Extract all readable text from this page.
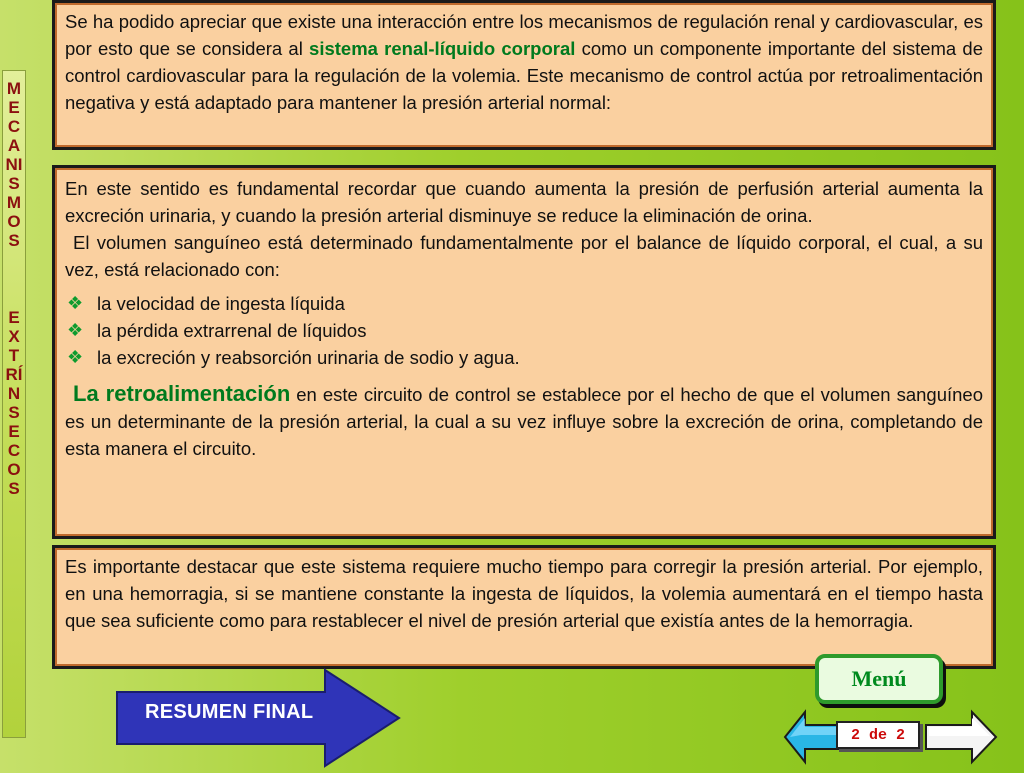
MECANISMOS
EXTRÍNSECOS

Se ha podido apreciar que existe una interacción entre los mecanismos de regulación renal y cardiovascular, es por esto que se considera al sistema renal-líquido corporal como un componente importante del sistema de control cardiovascular para la regulación de la volemia. Este mecanismo de control actúa por retroalimentación negativa y está adaptado para mantener la presión arterial normal:

En este sentido es fundamental recordar que cuando aumenta la presión de perfusión arterial aumenta la excreción urinaria, y cuando la presión arterial disminuye se reduce la eliminación de orina.

El volumen sanguíneo está determinado fundamentalmente por el balance de líquido corporal, el cual, a su vez, está relacionado con:

❖ la velocidad de ingesta líquida
❖ la pérdida extrarrenal de líquidos
❖ la excreción y reabsorción urinaria de sodio y agua.

La retroalimentación en este circuito de control se establece por el hecho de que el volumen sanguíneo es un determinante de la presión arterial, la cual a su vez influye sobre la excreción de orina, completando de esta manera el circuito.

Es importante destacar que este sistema requiere mucho tiempo para corregir la presión arterial. Por ejemplo, en una hemorragia, si se mantiene constante la ingesta de líquidos, la volemia aumentará en el tiempo hasta que sea suficiente como para restablecer el nivel de presión arterial que existía antes de la hemorragia.

RESUMEN FINAL
Menú
2 de 2
